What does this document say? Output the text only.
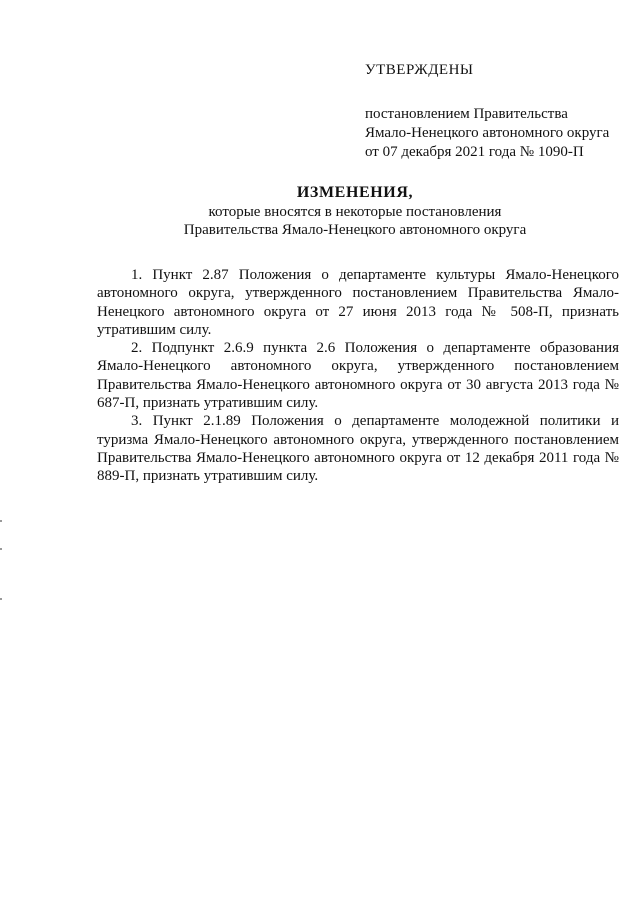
УТВЕРЖДЕНЫ
постановлением Правительства
Ямало-Ненецкого автономного округа
от 07 декабря 2021 года № 1090-П
ИЗМЕНЕНИЯ,
которые вносятся в некоторые постановления
Правительства Ямало-Ненецкого автономного округа

1. Пункт 2.87 Положения о департаменте культуры Ямало-Ненецкого автономного округа, утвержденного постановлением Правительства Ямало-Ненецкого автономного округа от 27 июня 2013 года № 508-П, признать утратившим силу.

2. Подпункт 2.6.9 пункта 2.6 Положения о департаменте образования Ямало-Ненецкого автономного округа, утвержденного постановлением Правительства Ямало-Ненецкого автономного округа от 30 августа 2013 года № 687-П, признать утратившим силу.

3. Пункт 2.1.89 Положения о департаменте молодежной политики и туризма Ямало-Ненецкого автономного округа, утвержденного постановлением Правительства Ямало-Ненецкого автономного округа от 12 декабря 2011 года № 889-П, признать утратившим силу.
